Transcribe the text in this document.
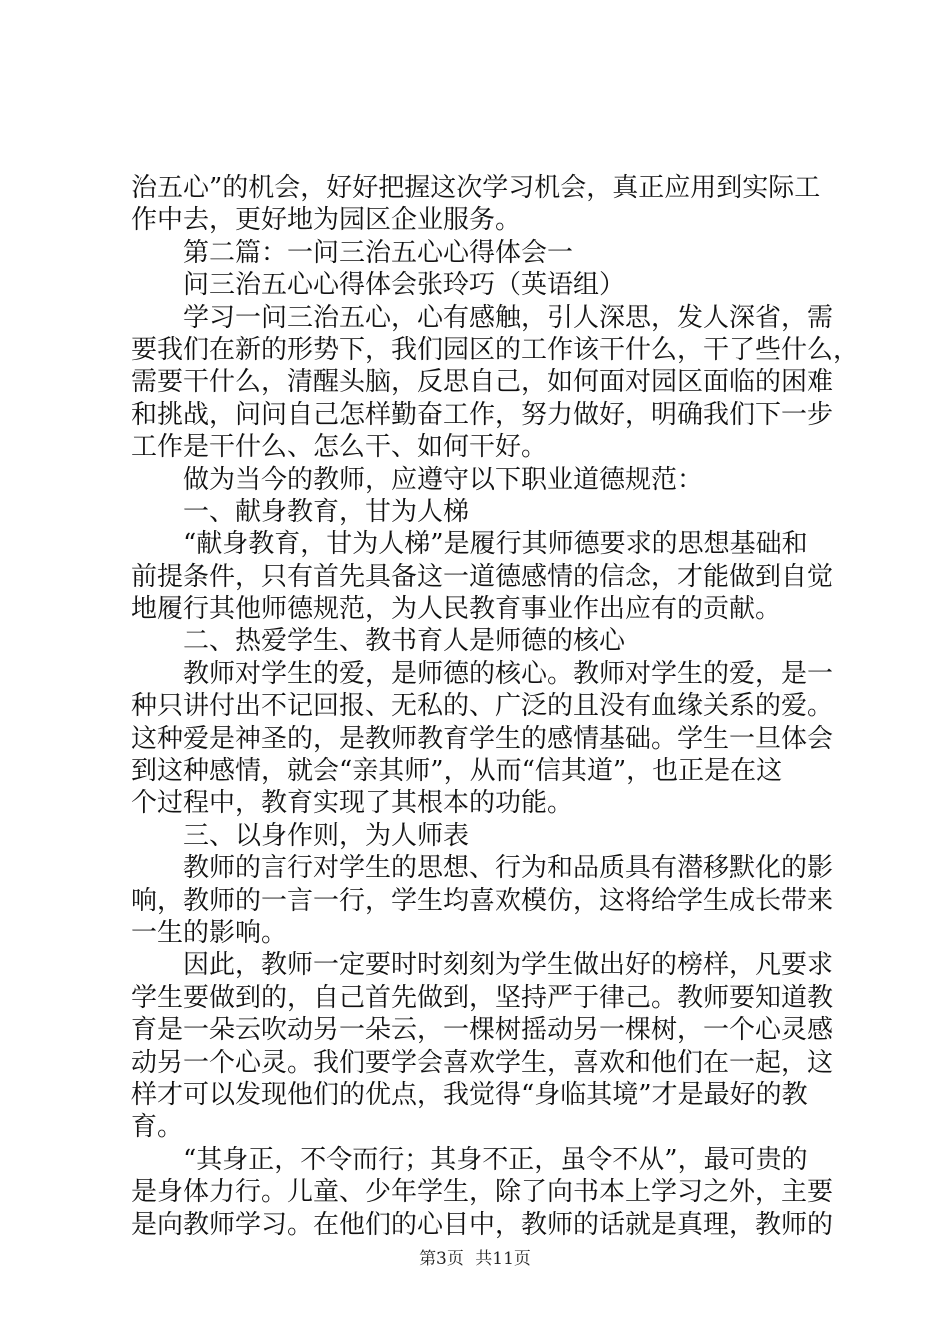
治五心”的机会，好好把握这次学习机会，真正应用到实际工
作中去，更好地为园区企业服务。
第二篇：一问三治五心心得体会一
问三治五心心得体会张玲巧（英语组）
学习一问三治五心，心有感触，引人深思，发人深省，需
要我们在新的形势下，我们园区的工作该干什么，干了些什么，
需要干什么，清醒头脑，反思自己，如何面对园区面临的困难
和挑战，问问自己怎样勤奋工作，努力做好，明确我们下一步
工作是干什么、怎么干、如何干好。
做为当今的教师，应遵守以下职业道德规范：
一、献身教育，甘为人梯
“献身教育，甘为人梯”是履行其师德要求的思想基础和
前提条件，只有首先具备这一道德感情的信念，才能做到自觉
地履行其他师德规范，为人民教育事业作出应有的贡献。
二、热爱学生、教书育人是师德的核心
教师对学生的爱，是师德的核心。教师对学生的爱，是一
种只讲付出不记回报、无私的、广泛的且没有血缘关系的爱。
这种爱是神圣的，是教师教育学生的感情基础。学生一旦体会
到这种感情，就会“亲其师”，从而“信其道”，也正是在这
个过程中，教育实现了其根本的功能。
三、以身作则，为人师表
教师的言行对学生的思想、行为和品质具有潜移默化的影
响，教师的一言一行，学生均喜欢模仿，这将给学生成长带来
一生的影响。
因此，教师一定要时时刻刻为学生做出好的榜样，凡要求
学生要做到的，自己首先做到，坚持严于律己。教师要知道教
育是一朵云吹动另一朵云，一棵树摇动另一棵树，一个心灵感
动另一个心灵。我们要学会喜欢学生，喜欢和他们在一起，这
样才可以发现他们的优点，我觉得“身临其境”才是最好的教
育。
“其身正，不令而行；其身不正，虽令不从”，最可贵的
是身体力行。儿童、少年学生，除了向书本上学习之外，主要
是向教师学习。在他们的心目中，教师的话就是真理，教师的
第3页 共11页
